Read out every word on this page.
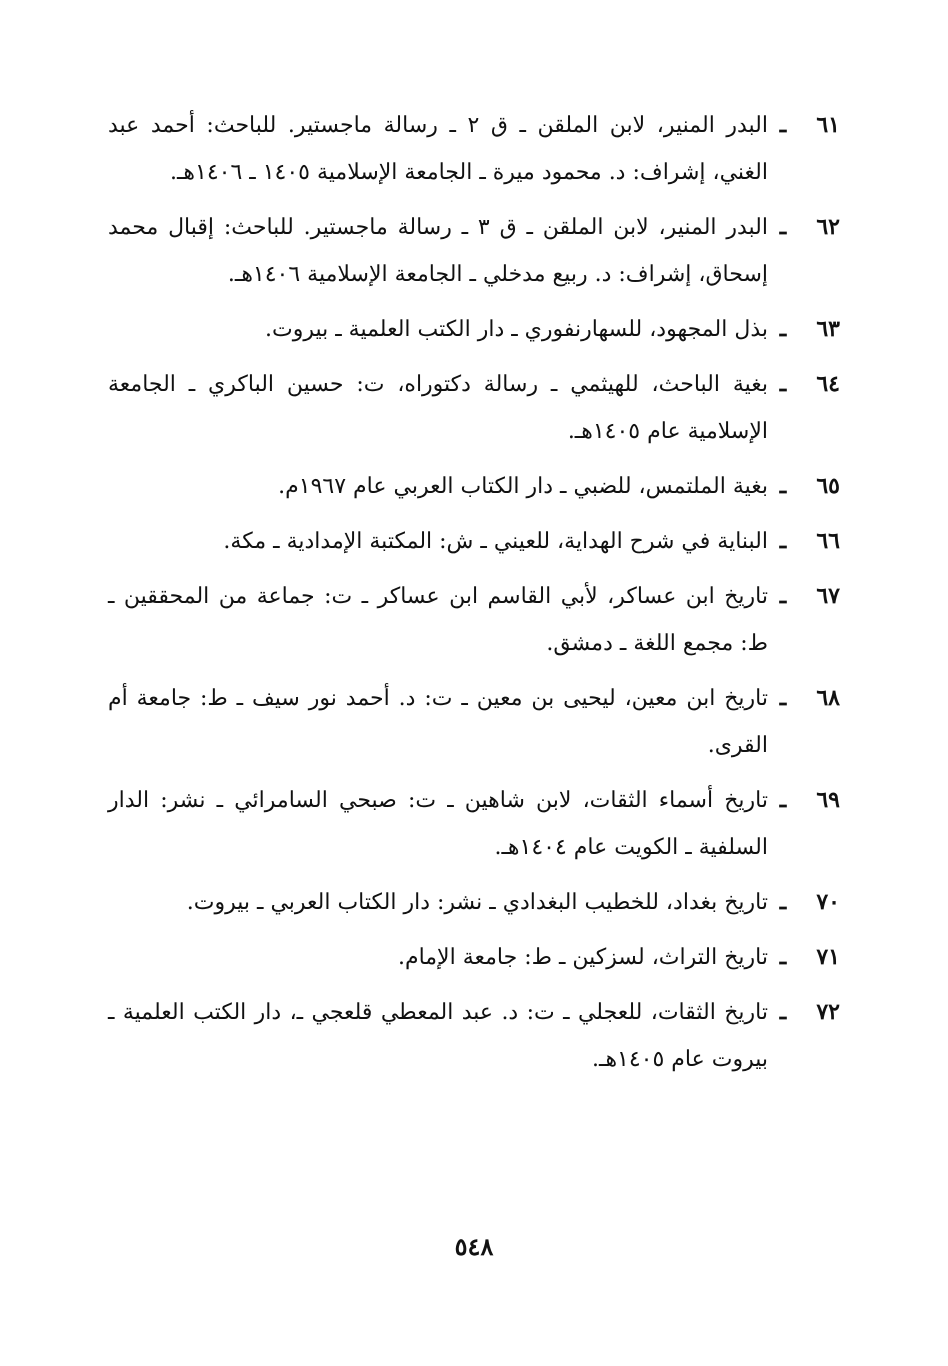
٦١
ـ
البدر المنير، لابن الملقن ـ ق ٢ ـ رسالة ماجستير. للباحث: أحمد عبد الغني، إشراف: د. محمود ميرة ـ الجامعة الإسلامية ١٤٠٥ ـ ١٤٠٦هـ.
٦٢
ـ
البدر المنير، لابن الملقن ـ ق ٣ ـ رسالة ماجستير. للباحث: إقبال محمد إسحاق، إشراف: د. ربيع مدخلي ـ الجامعة الإسلامية ١٤٠٦هـ.
٦٣
ـ
بذل المجهود، للسهارنفوري ـ دار الكتب العلمية ـ بيروت.
٦٤
ـ
بغية الباحث، للهيثمي ـ رسالة دكتوراه، ت: حسين الباكري ـ الجامعة الإسلامية عام ١٤٠٥هـ.
٦٥
ـ
بغية الملتمس، للضبي ـ دار الكتاب العربي عام ١٩٦٧م.
٦٦
ـ
البناية في شرح الهداية، للعيني ـ ش: المكتبة الإمدادية ـ مكة.
٦٧
ـ
تاريخ ابن عساكر، لأبي القاسم ابن عساكر ـ ت: جماعة من المحققين ـ ط: مجمع اللغة ـ دمشق.
٦٨
ـ
تاريخ ابن معين، ليحيى بن معين ـ ت: د. أحمد نور سيف ـ ط: جامعة أم القرى.
٦٩
ـ
تاريخ أسماء الثقات، لابن شاهين ـ ت: صبحي السامرائي ـ نشر: الدار السلفية ـ الكويت عام ١٤٠٤هـ.
٧٠
ـ
تاريخ بغداد، للخطيب البغدادي ـ نشر: دار الكتاب العربي ـ بيروت.
٧١
ـ
تاريخ التراث، لسزكين ـ ط: جامعة الإمام.
٧٢
ـ
تاريخ الثقات، للعجلي ـ ت: د. عبد المعطي قلعجي ـ، دار الكتب العلمية ـ بيروت عام ١٤٠٥هـ.
٥٤٨
